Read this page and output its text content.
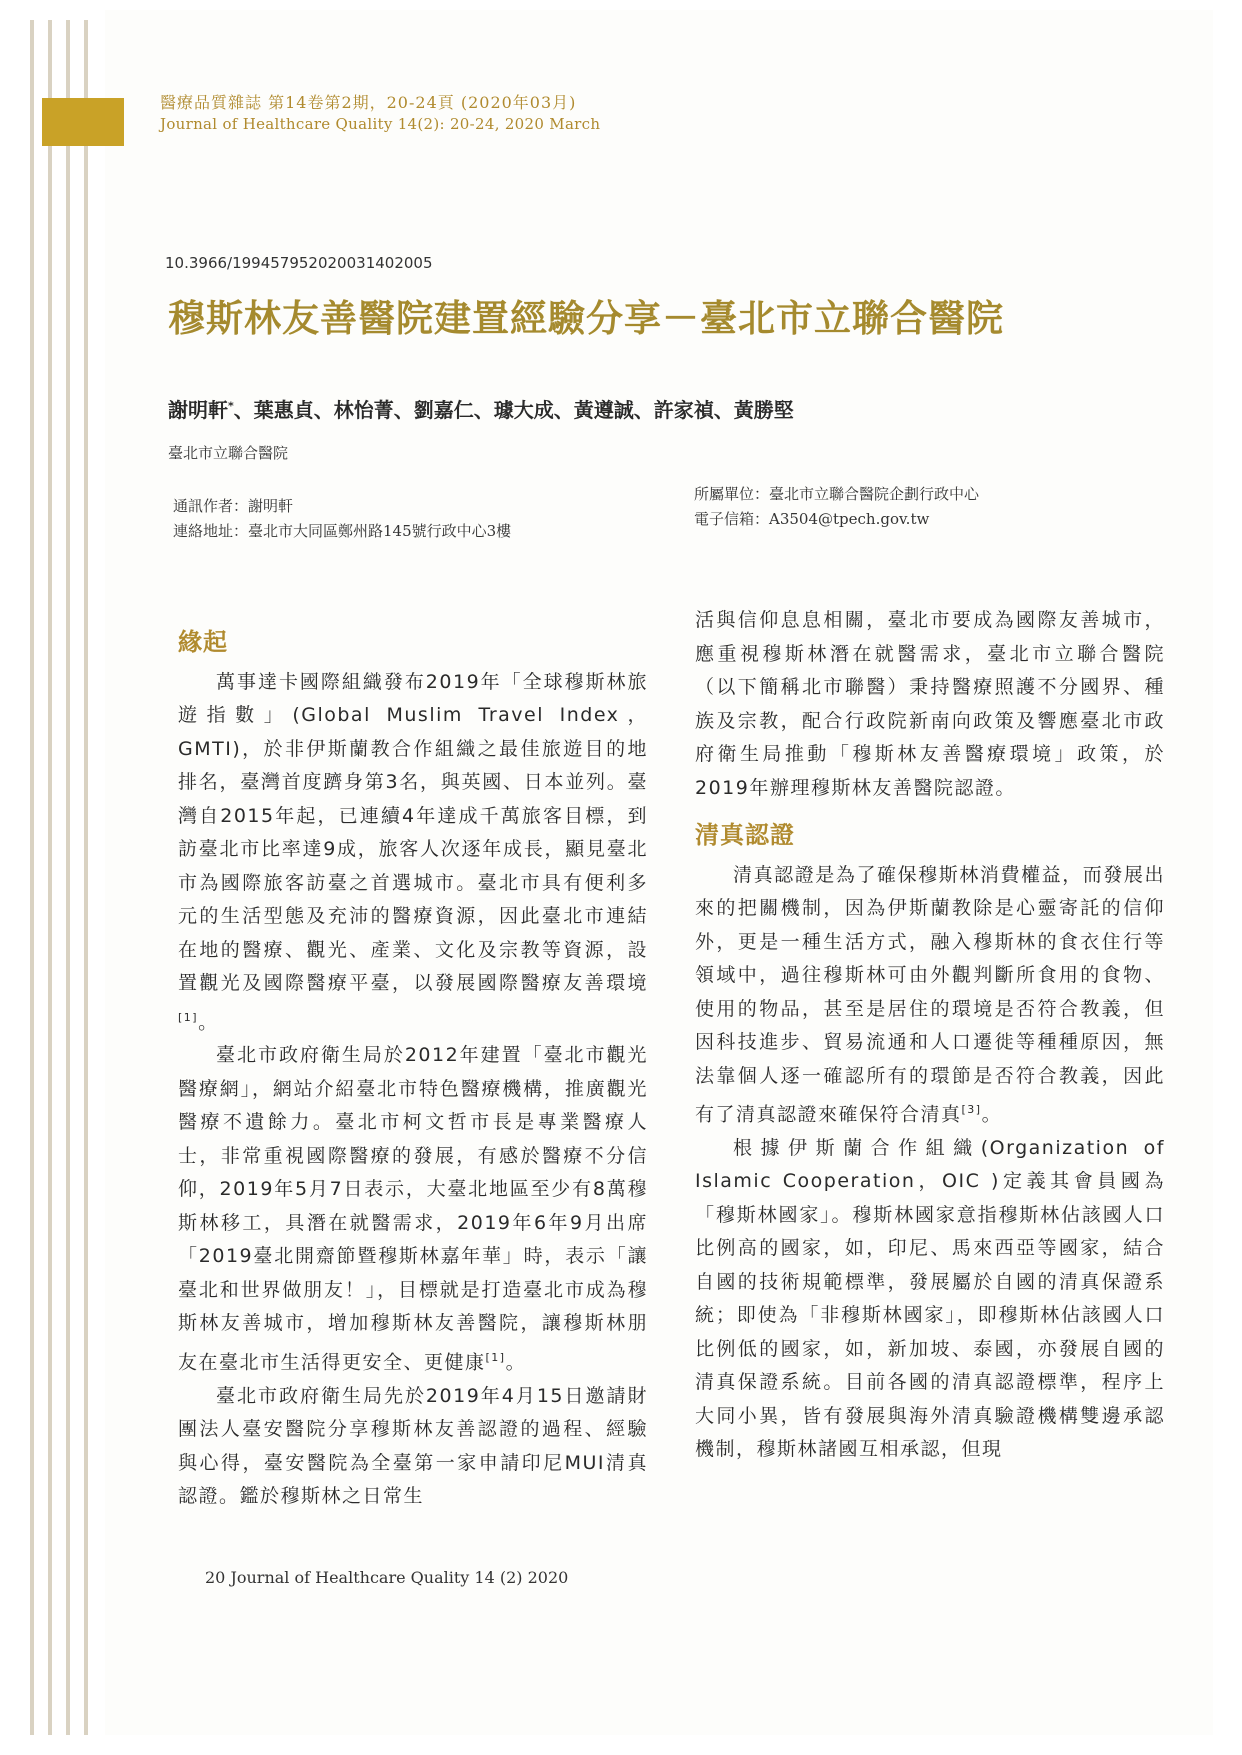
醫療品質雜誌 第14卷第2期，20-24頁 (2020年03月)
Journal of Healthcare Quality 14(2): 20-24, 2020 March
10.3966/199457952020031402005
穆斯林友善醫院建置經驗分享－臺北市立聯合醫院
謝明軒*、葉惠貞、林怡菁、劉嘉仁、璩大成、黃遵誠、許家禎、黃勝堅
臺北市立聯合醫院
通訊作者：謝明軒
連絡地址：臺北市大同區鄭州路145號行政中心3樓
所屬單位：臺北市立聯合醫院企劃行政中心
電子信箱：A3504@tpech.gov.tw
緣起

萬事達卡國際組織發布2019年「全球穆斯林旅遊指數」(Global Muslim Travel Index，GMTI)，於非伊斯蘭教合作組織之最佳旅遊目的地排名，臺灣首度躋身第3名，與英國、日本並列。臺灣自2015年起，已連續4年達成千萬旅客目標，到訪臺北市比率達9成，旅客人次逐年成長，顯見臺北市為國際旅客訪臺之首選城市。臺北市具有便利多元的生活型態及充沛的醫療資源，因此臺北市連結在地的醫療、觀光、產業、文化及宗教等資源，設置觀光及國際醫療平臺，以發展國際醫療友善環境[1]。

臺北市政府衛生局於2012年建置「臺北市觀光醫療網」，網站介紹臺北市特色醫療機構，推廣觀光醫療不遺餘力。臺北市柯文哲市長是專業醫療人士，非常重視國際醫療的發展，有感於醫療不分信仰，2019年5月7日表示，大臺北地區至少有8萬穆斯林移工，具潛在就醫需求，2019年6年9月出席「2019臺北開齋節暨穆斯林嘉年華」時，表示「讓臺北和世界做朋友！」，目標就是打造臺北市成為穆斯林友善城市，增加穆斯林友善醫院，讓穆斯林朋友在臺北市生活得更安全、更健康[1]。

臺北市政府衛生局先於2019年4月15日邀請財團法人臺安醫院分享穆斯林友善認證的過程、經驗與心得，臺安醫院為全臺第一家申請印尼MUI清真認證。鑑於穆斯林之日常生

活與信仰息息相關，臺北市要成為國際友善城市，應重視穆斯林潛在就醫需求，臺北市立聯合醫院（以下簡稱北市聯醫）秉持醫療照護不分國界、種族及宗教，配合行政院新南向政策及響應臺北市政府衛生局推動「穆斯林友善醫療環境」政策，於2019年辦理穆斯林友善醫院認證。
清真認證

清真認證是為了確保穆斯林消費權益，而發展出來的把關機制，因為伊斯蘭教除是心靈寄託的信仰外，更是一種生活方式，融入穆斯林的食衣住行等領域中，過往穆斯林可由外觀判斷所食用的食物、使用的物品，甚至是居住的環境是否符合教義，但因科技進步、貿易流通和人口遷徙等種種原因，無法靠個人逐一確認所有的環節是否符合教義，因此有了清真認證來確保符合清真[3]。

根據伊斯蘭合作組織(Organization of Islamic Cooperation，OIC )定義其會員國為「穆斯林國家」。穆斯林國家意指穆斯林佔該國人口比例高的國家，如，印尼、馬來西亞等國家，結合自國的技術規範標準，發展屬於自國的清真保證系統；即使為「非穆斯林國家」，即穆斯林佔該國人口比例低的國家，如，新加坡、泰國，亦發展自國的清真保證系統。目前各國的清真認證標準，程序上大同小異，皆有發展與海外清真驗證機構雙邊承認機制，穆斯林諸國互相承認，但現

20 Journal of Healthcare Quality 14 (2) 2020
